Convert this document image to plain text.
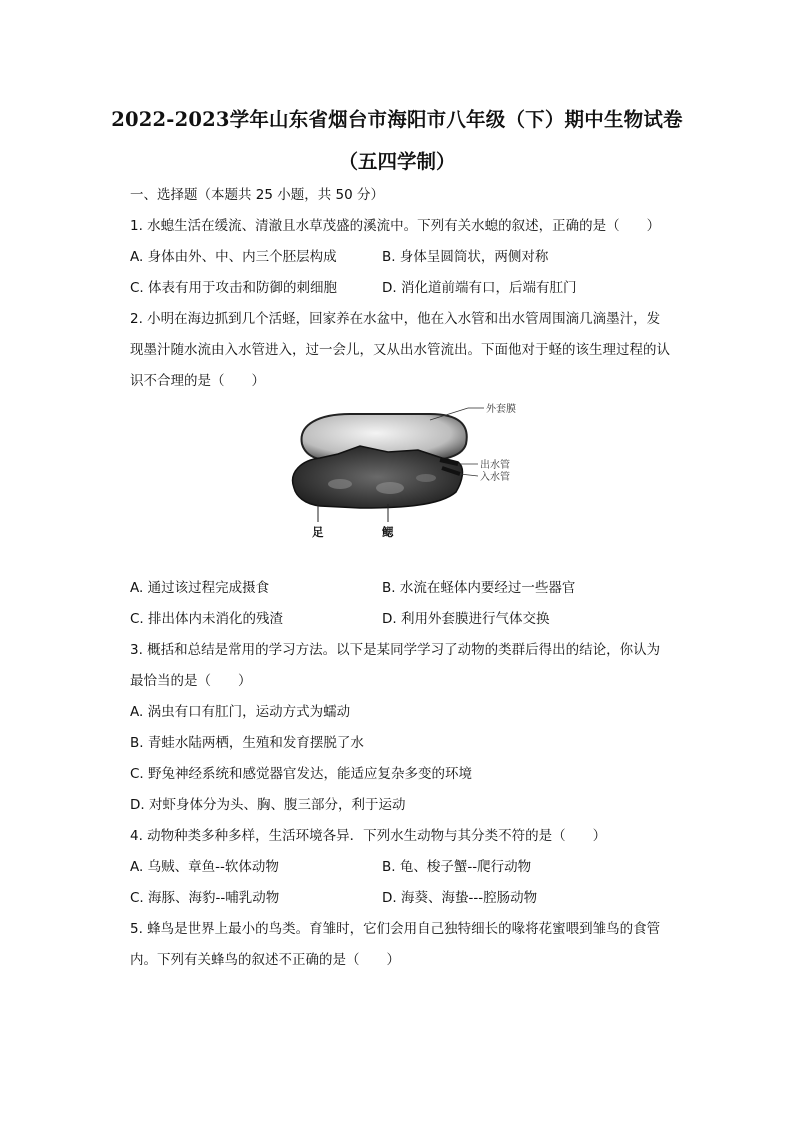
2022-2023学年山东省烟台市海阳市八年级（下）期中生物试卷
（五四学制）
一、选择题（本题共 25 小题，共 50 分）
1. 水螅生活在缓流、清澈且水草茂盛的溪流中。下列有关水螅的叙述，正确的是（　　）
A. 身体由外、中、内三个胚层构成	B. 身体呈圆筒状，两侧对称
C. 体表有用于攻击和防御的刺细胞	D. 消化道前端有口，后端有肛门
2. 小明在海边抓到几个活蛏，回家养在水盆中，他在入水管和出水管周围滴几滴墨汁，发
现墨汁随水流由入水管进入，过一会儿，又从出水管流出。下面他对于蛏的该生理过程的认
识不合理的是（　　）
外套膜
出水管
入水管
足	鳃
A. 通过该过程完成摄食	B. 水流在蛏体内要经过一些器官
C. 排出体内未消化的残渣	D. 利用外套膜进行气体交换
3. 概括和总结是常用的学习方法。以下是某同学学习了动物的类群后得出的结论，你认为
最恰当的是（　　）
A. 涡虫有口有肛门，运动方式为蠕动
B. 青蛙水陆两栖，生殖和发育摆脱了水
C. 野兔神经系统和感觉器官发达，能适应复杂多变的环境
D. 对虾身体分为头、胸、腹三部分，利于运动
4. 动物种类多种多样，生活环境各异．下列水生动物与其分类不符的是（　　）
A. 乌贼、章鱼--软体动物	B. 龟、梭子蟹--爬行动物
C. 海豚、海豹--哺乳动物	D. 海葵、海蛰---腔肠动物
5. 蜂鸟是世界上最小的鸟类。育雏时，它们会用自己独特细长的喙将花蜜喂到雏鸟的食管
内。下列有关蜂鸟的叙述不正确的是（　　）
